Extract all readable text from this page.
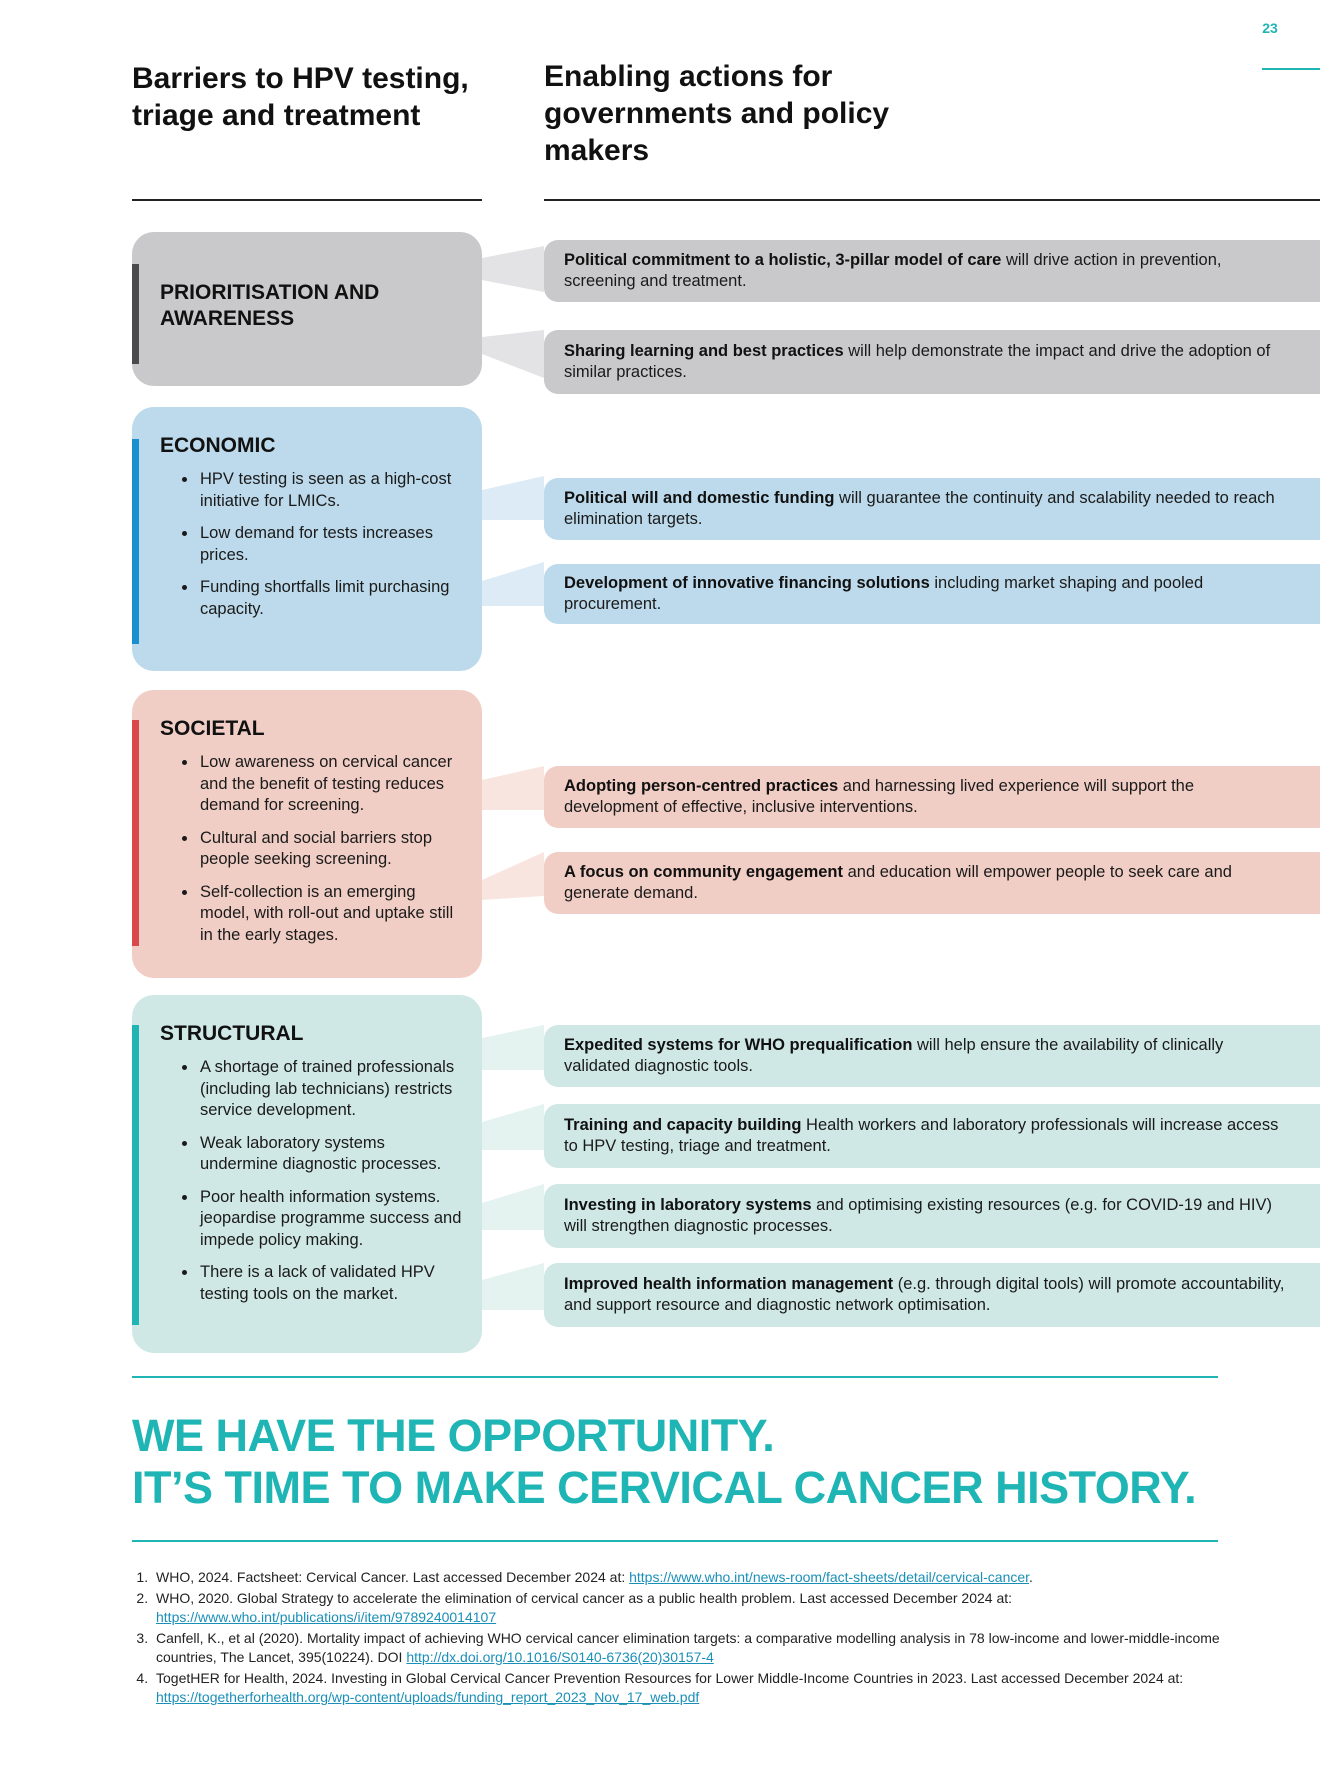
23
Barriers to HPV testing, triage and treatment
Enabling actions for governments and policy makers
PRIORITISATION AND AWARENESS
ECONOMIC
• HPV testing is seen as a high-cost initiative for LMICs.
• Low demand for tests increases prices.
• Funding shortfalls limit purchasing capacity.
SOCIETAL
• Low awareness on cervical cancer and the benefit of testing reduces demand for screening.
• Cultural and social barriers stop people seeking screening.
• Self-collection is an emerging model, with roll-out and uptake still in the early stages.
STRUCTURAL
• A shortage of trained professionals (including lab technicians) restricts service development.
• Weak laboratory systems undermine diagnostic processes.
• Poor health information systems. jeopardise programme success and impede policy making.
• There is a lack of validated HPV testing tools on the market.
Political commitment to a holistic, 3-pillar model of care will drive action in prevention, screening and treatment.
Sharing learning and best practices will help demonstrate the impact and drive the adoption of similar practices.
Political will and domestic funding will guarantee the continuity and scalability needed to reach elimination targets.
Development of innovative financing solutions including market shaping and pooled procurement.
Adopting person-centred practices and harnessing lived experience will support the development of effective, inclusive interventions.
A focus on community engagement and education will empower people to seek care and generate demand.
Expedited systems for WHO prequalification will help ensure the availability of clinically validated diagnostic tools.
Training and capacity building Health workers and laboratory professionals will increase access to HPV testing, triage and treatment.
Investing in laboratory systems and optimising existing resources (e.g. for COVID-19 and HIV) will strengthen diagnostic processes.
Improved health information management (e.g. through digital tools) will promote accountability, and support resource and diagnostic network optimisation.
WE HAVE THE OPPORTUNITY.
IT’S TIME TO MAKE CERVICAL CANCER HISTORY.
1. WHO, 2024. Factsheet: Cervical Cancer. Last accessed December 2024 at: https://www.who.int/news-room/fact-sheets/detail/cervical-cancer.
2. WHO, 2020. Global Strategy to accelerate the elimination of cervical cancer as a public health problem. Last accessed December 2024 at: https://www.who.int/publications/i/item/9789240014107
3. Canfell, K., et al (2020). Mortality impact of achieving WHO cervical cancer elimination targets: a comparative modelling analysis in 78 low-income and lower-middle-income countries, The Lancet, 395(10224). DOI http://dx.doi.org/10.1016/S0140-6736(20)30157-4
4. TogetHER for Health, 2024. Investing in Global Cervical Cancer Prevention Resources for Lower Middle-Income Countries in 2023. Last accessed December 2024 at: https://togetherforhealth.org/wp-content/uploads/funding_report_2023_Nov_17_web.pdf
